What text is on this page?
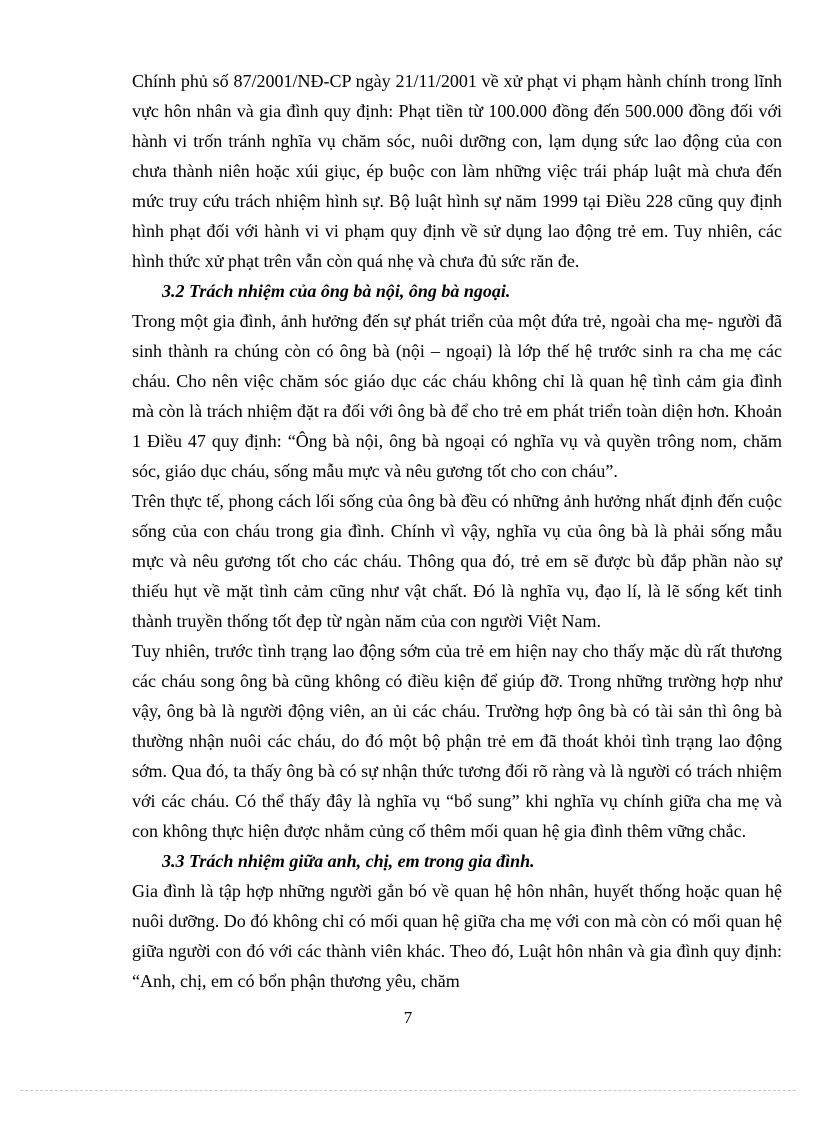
Chính phủ số 87/2001/NĐ-CP ngày 21/11/2001 về xử phạt vi phạm hành chính trong lĩnh vực hôn nhân và gia đình quy định: Phạt tiền từ 100.000 đồng đến 500.000 đồng đối với hành vi trốn tránh nghĩa vụ chăm sóc, nuôi dưỡng con, lạm dụng sức lao động của con chưa thành niên hoặc xúi giục, ép buộc con làm những việc trái pháp luật mà chưa đến mức truy cứu trách nhiệm hình sự. Bộ luật hình sự năm 1999 tại Điều 228 cũng quy định hình phạt đối với hành vi vi phạm quy định về sử dụng lao động trẻ em. Tuy nhiên, các hình thức xử phạt trên vẫn còn quá nhẹ và chưa đủ sức răn đe.

3.2 Trách nhiệm của ông bà nội, ông bà ngoại.

Trong một gia đình, ảnh hưởng đến sự phát triển của một đứa trẻ, ngoài cha mẹ- người đã sinh thành ra chúng còn có ông bà (nội – ngoại) là lớp thế hệ trước sinh ra cha mẹ các cháu. Cho nên việc chăm sóc giáo dục các cháu không chỉ là quan hệ tình cảm gia đình mà còn là trách nhiệm đặt ra đối với ông bà để cho trẻ em phát triển toàn diện hơn. Khoản 1 Điều 47 quy định: “Ông bà nội, ông bà ngoại có nghĩa vụ và quyền trông nom, chăm sóc, giáo dục cháu, sống mẫu mực và nêu gương tốt cho con cháu”.

Trên thực tế, phong cách lối sống của ông bà đều có những ảnh hưởng nhất định đến cuộc sống của con cháu trong gia đình. Chính vì vậy, nghĩa vụ của ông bà là phải sống mẫu mực và nêu gương tốt cho các cháu. Thông qua đó, trẻ em sẽ được bù đắp phần nào sự thiếu hụt về mặt tình cảm cũng như vật chất. Đó là nghĩa vụ, đạo lí, là lẽ sống kết tinh thành truyền thống tốt đẹp từ ngàn năm của con người Việt Nam.

Tuy nhiên, trước tình trạng lao động sớm của trẻ em hiện nay cho thấy mặc dù rất thương các cháu song ông bà cũng không có điều kiện để giúp đỡ. Trong những trường hợp như vậy, ông bà là người động viên, an ủi các cháu. Trường hợp ông bà có tài sản thì ông bà thường nhận nuôi các cháu, do đó một bộ phận trẻ em đã thoát khỏi tình trạng lao động sớm. Qua đó, ta thấy ông bà có sự nhận thức tương đối rõ ràng và là người có trách nhiệm với các cháu. Có thể thấy đây là nghĩa vụ “bổ sung” khi nghĩa vụ chính giữa cha mẹ và con không thực hiện được nhằm củng cố thêm mối quan hệ gia đình thêm vững chắc.

3.3 Trách nhiệm giữa anh, chị, em trong gia đình.

Gia đình là tập hợp những người gắn bó về quan hệ hôn nhân, huyết thống hoặc quan hệ nuôi dưỡng. Do đó không chỉ có mối quan hệ giữa cha mẹ với con mà còn có mối quan hệ giữa người con đó với các thành viên khác. Theo đó, Luật hôn nhân và gia đình quy định: “Anh, chị, em có bổn phận thương yêu, chăm

7
